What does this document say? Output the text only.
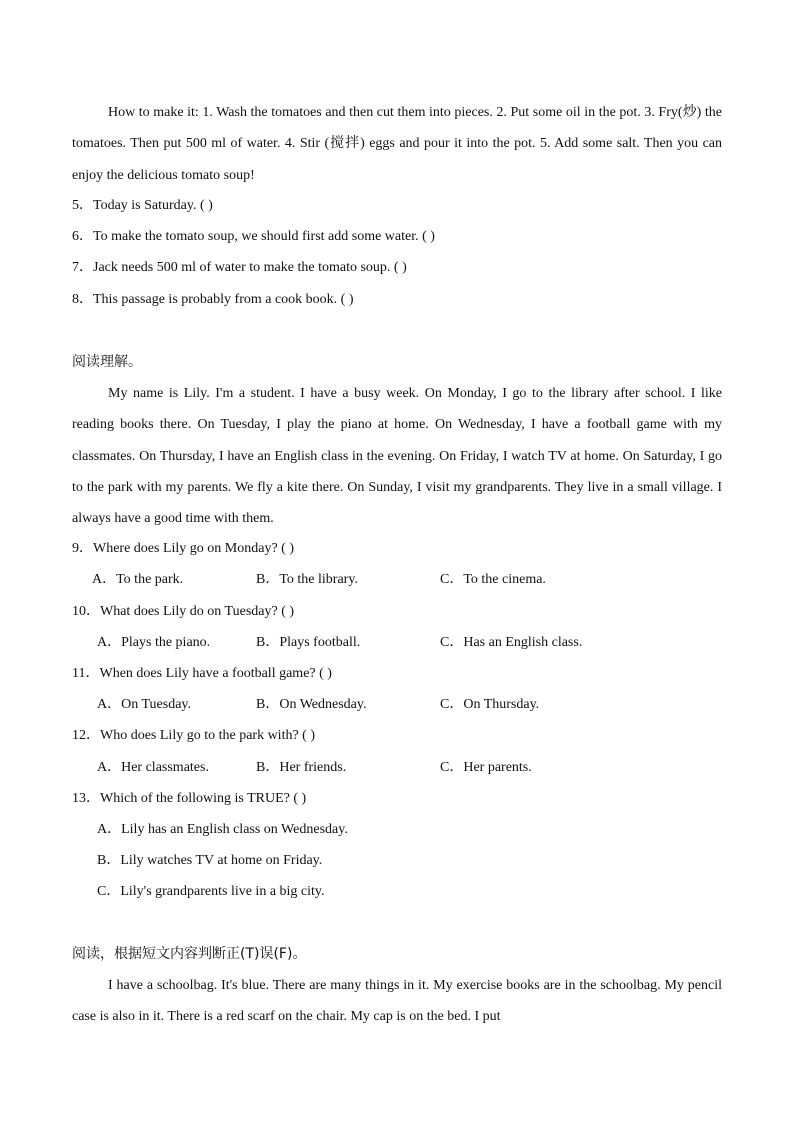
How to make it: 1. Wash the tomatoes and then cut them into pieces. 2. Put some oil in the pot. 3. Fry(炒) the tomatoes. Then put 500 ml of water. 4. Stir (搅拌) eggs and pour it into the pot. 5. Add some salt. Then you can enjoy the delicious tomato soup!

5．Today is Saturday. ( )
6．To make the tomato soup, we should first add some water. ( )
7．Jack needs 500 ml of water to make the tomato soup. ( )
8．This passage is probably from a cook book. ( )
阅读理解。

My name is Lily. I'm a student. I have a busy week. On Monday, I go to the library after school. I like reading books there. On Tuesday, I play the piano at home. On Wednesday, I have a football game with my classmates. On Thursday, I have an English class in the evening. On Friday, I watch TV at home. On Saturday, I go to the park with my parents. We fly a kite there. On Sunday, I visit my grandparents. They live in a small village. I always have a good time with them.

9．Where does Lily go on Monday? ( )
A．To the park.	B．To the library.	C．To the cinema.
10．What does Lily do on Tuesday? ( )
A．Plays the piano.	B．Plays football.	C．Has an English class.
11．When does Lily have a football game? ( )
A．On Tuesday.	B．On Wednesday.	C．On Thursday.
12．Who does Lily go to the park with? ( )
A．Her classmates.	B．Her friends.	C．Her parents.
13．Which of the following is TRUE? ( )
A．Lily has an English class on Wednesday.
B．Lily watches TV at home on Friday.
C．Lily's grandparents live in a big city.
阅读，根据短文内容判断正(T)误(F)。

I have a schoolbag. It's blue. There are many things in it. My exercise books are in the schoolbag. My pencil case is also in it. There is a red scarf on the chair. My cap is on the bed. I put
